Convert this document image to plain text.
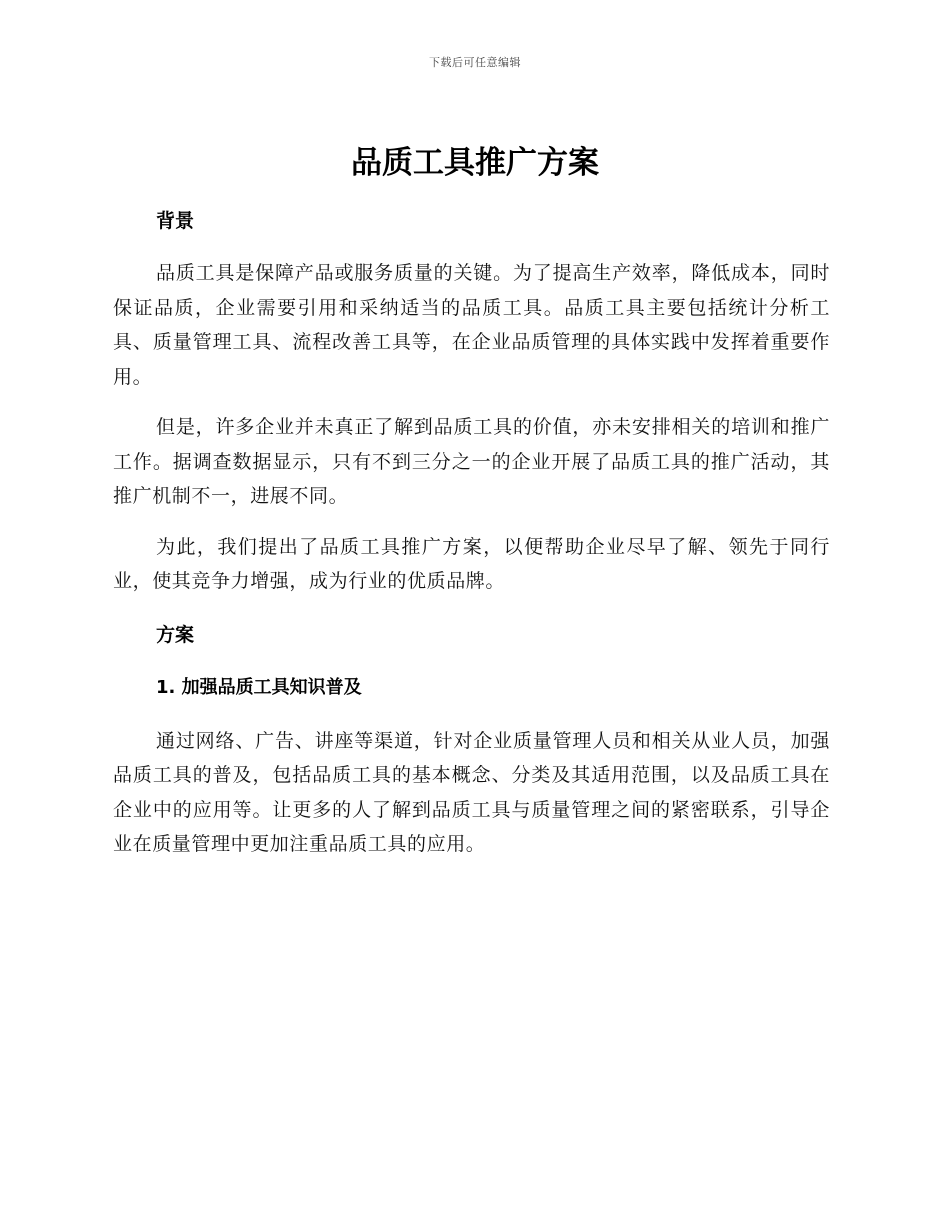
下载后可任意编辑
品质工具推广方案
背景

品质工具是保障产品或服务质量的关键。为了提高生产效率，降低成本，同时保证品质，企业需要引用和采纳适当的品质工具。品质工具主要包括统计分析工具、质量管理工具、流程改善工具等，在企业品质管理的具体实践中发挥着重要作用。

但是，许多企业并未真正了解到品质工具的价值，亦未安排相关的培训和推广工作。据调查数据显示，只有不到三分之一的企业开展了品质工具的推广活动，其推广机制不一，进展不同。

为此，我们提出了品质工具推广方案，以便帮助企业尽早了解、领先于同行业，使其竞争力增强，成为行业的优质品牌。

方案
1. 加强品质工具知识普及

通过网络、广告、讲座等渠道，针对企业质量管理人员和相关从业人员，加强品质工具的普及，包括品质工具的基本概念、分类及其适用范围，以及品质工具在企业中的应用等。让更多的人了解到品质工具与质量管理之间的紧密联系，引导企业在质量管理中更加注重品质工具的应用。
